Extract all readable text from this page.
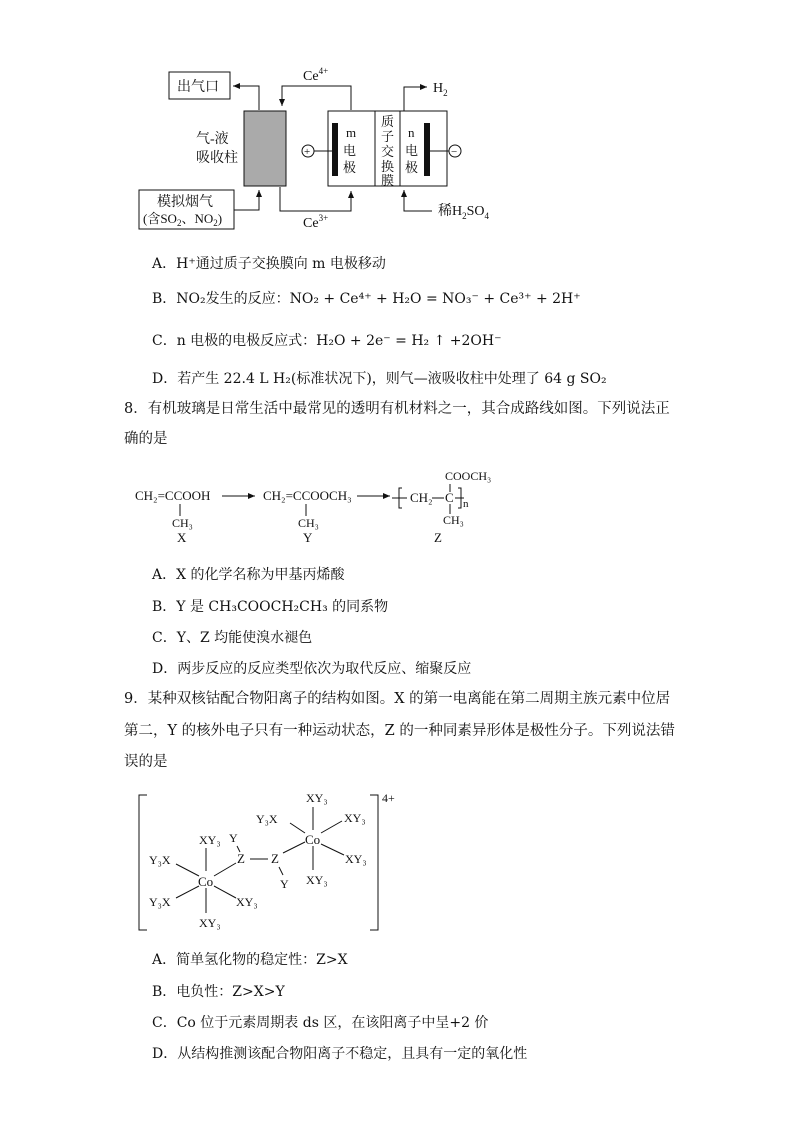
出气口
$Ce^{4+}$
气-液
吸收柱
模拟烟气
(含$SO_2$、$NO_2$)	$Ce^{3+}$
m
电
极
质
子
交
换
膜
n
电
极
+	−
$H_2$
稀$H_2SO_4$
A．H⁺通过质子交换膜向 m 电极移动
B．NO₂发生的反应：NO₂ + Ce⁴⁺ + H₂O = NO₃⁻ + Ce³⁺ + 2H⁺
C．n 电极的电极反应式：H₂O + 2e⁻ = H₂ ↑ +2OH⁻
D．若产生 22.4 L H₂(标准状况下)，则气—液吸收柱中处理了 64 g SO₂
8．有机玻璃是日常生活中最常见的透明有机材料之一，其合成路线如图。下列说法正
确的是
CH₂=CCOOH
CH₃
X
CH₂=CCOOCH₃
CH₃
Y
COOCH₃
CH₂ C n
CH₃
Z
A．X 的化学名称为甲基丙烯酸
B．Y 是 CH₃COOCH₂CH₃ 的同系物
C．Y、Z 均能使溴水褪色
D．两步反应的反应类型依次为取代反应、缩聚反应
9．某种双核钴配合物阳离子的结构如图。X 的第一电离能在第二周期主族元素中位居
第二，Y 的核外电子只有一种运动状态，Z 的一种同素异形体是极性分子。下列说法错
误的是
4+
Co
XY₃
XY₃
Y₃X
Y₃X	XY₃
Z
Y
Z
Y
Co
XY₃
XY₃
Y₃X	XY₃
XY₃
A．简单氢化物的稳定性：Z>X
B．电负性：Z>X>Y
C．Co 位于元素周期表 ds 区，在该阳离子中呈+2 价
D．从结构推测该配合物阳离子不稳定，且具有一定的氧化性
